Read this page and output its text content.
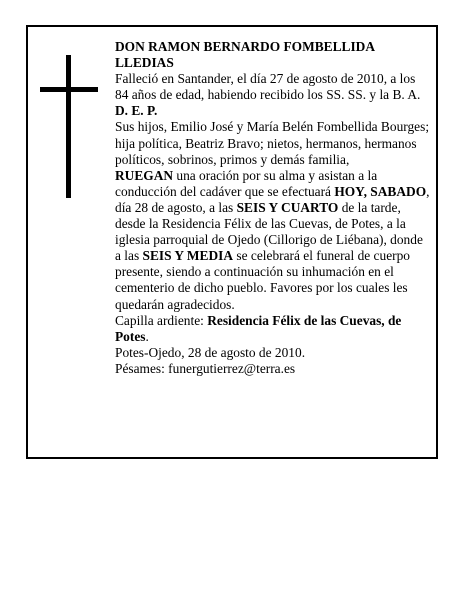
DON RAMON BERNARDO FOMBELLIDA LLEDIAS

Falleció en Santander, el día 27 de agosto de 2010, a los 84 años de edad, habiendo recibido los SS. SS. y la B. A.

D. E. P.

Sus hijos, Emilio José y María Belén Fombellida Bourges; hija política, Beatriz Bravo; nietos, hermanos, hermanos políticos, sobrinos, primos y demás familia,

RUEGAN una oración por su alma y asistan a la conducción del cadáver que se efectuará HOY, SABADO, día 28 de agosto, a las SEIS Y CUARTO de la tarde, desde la Residencia Félix de las Cuevas, de Potes, a la iglesia parroquial de Ojedo (Cillorigo de Liébana), donde a las SEIS Y MEDIA se celebrará el funeral de cuerpo presente, siendo a continuación su inhumación en el cementerio de dicho pueblo. Favores por los cuales les quedarán agradecidos.

Capilla ardiente: Residencia Félix de las Cuevas, de Potes.

Potes-Ojedo, 28 de agosto de 2010.

Pésames: funergutierrez@terra.es
